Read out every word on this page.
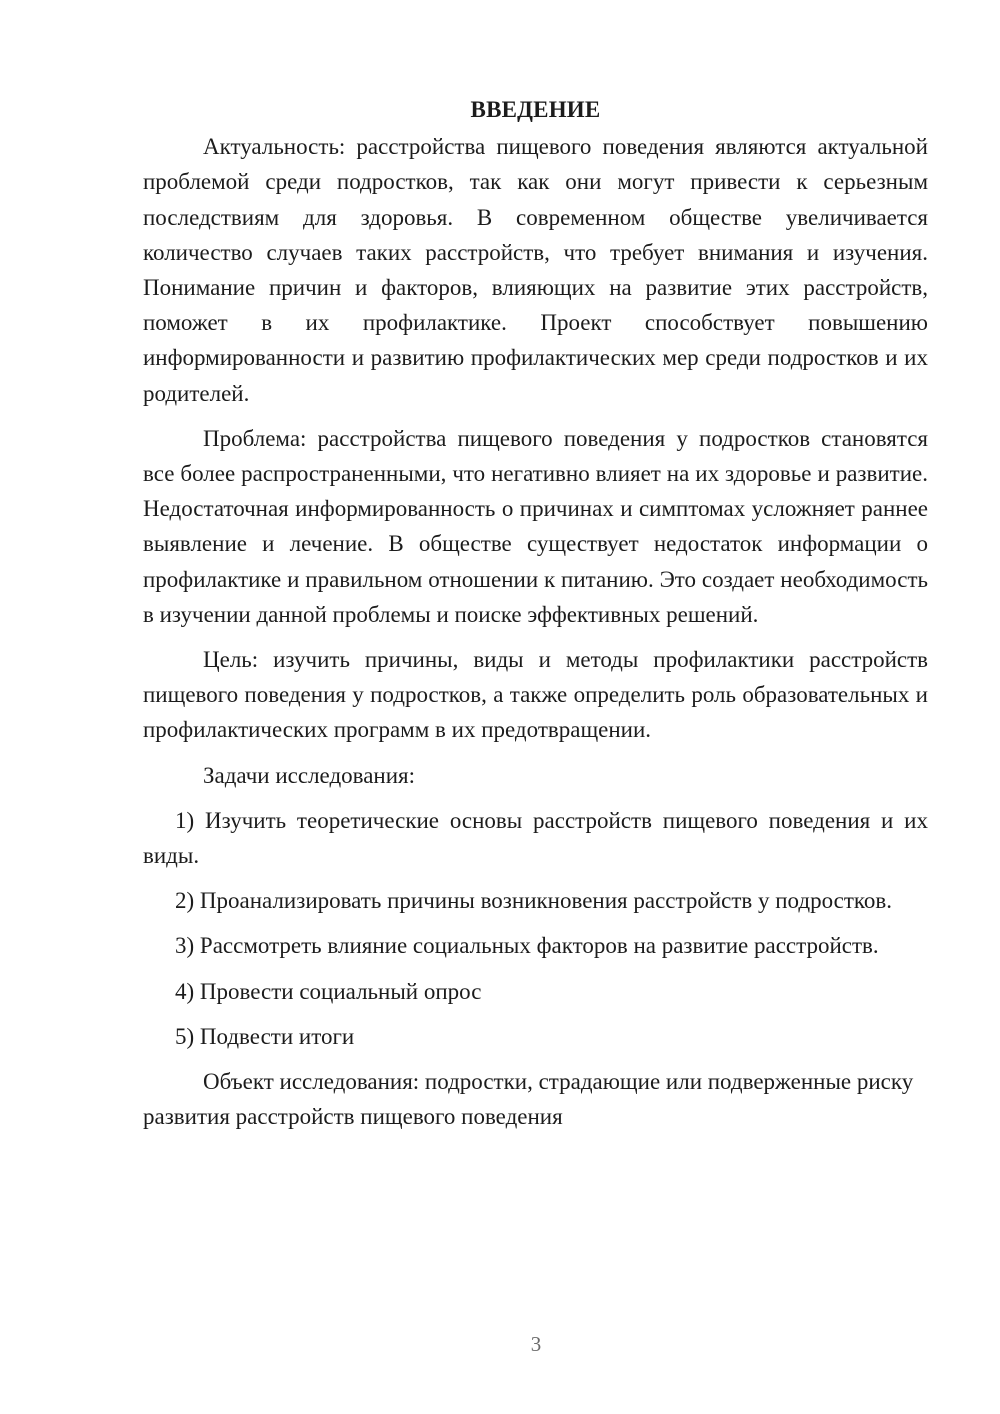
ВВЕДЕНИЕ

Актуальность: расстройства пищевого поведения являются актуальной проблемой среди подростков, так как они могут привести к серьезным последствиям для здоровья. В современном обществе увеличивается количество случаев таких расстройств, что требует внимания и изучения. Понимание причин и факторов, влияющих на развитие этих расстройств, поможет в их профилактике. Проект способствует повышению информированности и развитию профилактических мер среди подростков и их родителей.

Проблема: расстройства пищевого поведения у подростков становятся все более распространенными, что негативно влияет на их здоровье и развитие. Недостаточная информированность о причинах и симптомах усложняет раннее выявление и лечение. В обществе существует недостаток информации о профилактике и правильном отношении к питанию. Это создает необходимость в изучении данной проблемы и поиске эффективных решений.

Цель: изучить причины, виды и методы профилактики расстройств пищевого поведения у подростков, а также определить роль образовательных и профилактических программ в их предотвращении.

Задачи исследования:

1) Изучить теоретические основы расстройств пищевого поведения и их виды.

2) Проанализировать причины возникновения расстройств у подростков.

3) Рассмотреть влияние социальных факторов на развитие расстройств.

4) Провести социальный опрос

5) Подвести итоги

Объект исследования: подростки, страдающие или подверженные риску развития расстройств пищевого поведения

3
